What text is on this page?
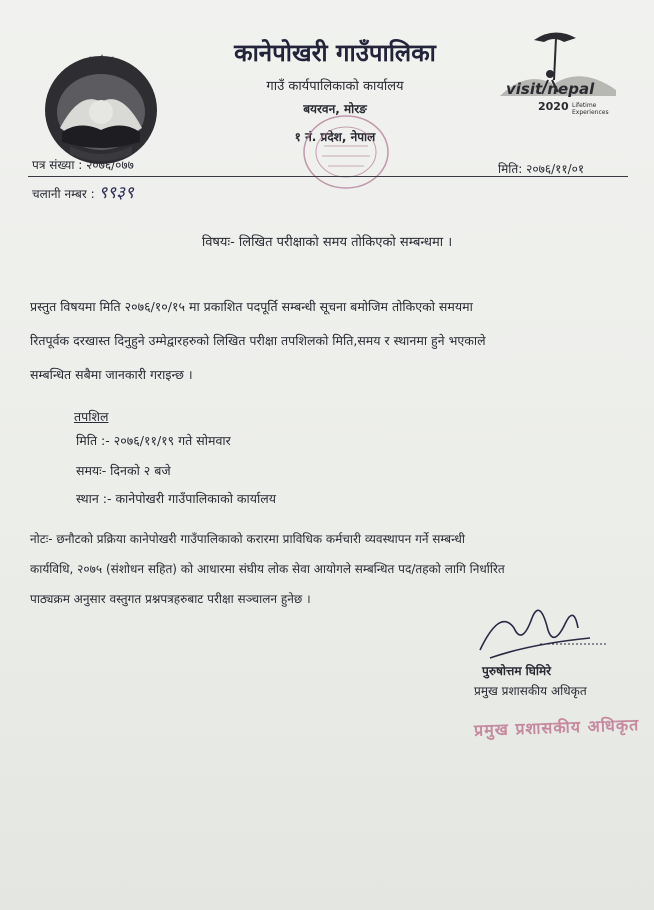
कानेपोखरी गाउँपालिका
गाउँ कार्यपालिकाको कार्यालय
बयरवन, मोरङ
१ नं. प्रदेश, नेपाल
visit nepal
2020 Lifetime Experiences
पत्र संख्या : २०७६/०७७	मिति: २०७६/११/०१
चलानी नम्बर : ९९३९
विषयः- लिखित परीक्षाको समय तोकिएको सम्बन्धमा ।
प्रस्तुत विषयमा मिति २०७६/१०/१५ मा प्रकाशित पदपूर्ति सम्बन्धी सूचना बमोजिम तोकिएको समयमा
रितपूर्वक दरखास्त दिनुहुने उम्मेद्वारहरुको लिखित परीक्षा तपशिलको मिति,समय र स्थानमा हुने भएकाले
सम्बन्धित सबैमा जानकारी गराइन्छ ।
तपशिल
मिति :- २०७६/११/१९ गते सोमवार
समयः- दिनको २ बजे
स्थान :- कानेपोखरी गाउँपालिकाको कार्यालय
नोटः- छनौटको प्रक्रिया कानेपोखरी गाउँपालिकाको करारमा प्राविधिक कर्मचारी व्यवस्थापन गर्ने सम्बन्धी
कार्यविधि, २०७५ (संशोधन सहित) को आधारमा संघीय लोक सेवा आयोगले सम्बन्धित पद/तहको लागि निर्धारित
पाठ्यक्रम अनुसार वस्तुगत प्रश्नपत्रहरुबाट परीक्षा सञ्चालन हुनेछ ।
पुरुषोत्तम घिमिरे
प्रमुख प्रशासकीय अधिकृत
प्रमुख प्रशासकीय अधिकृत
